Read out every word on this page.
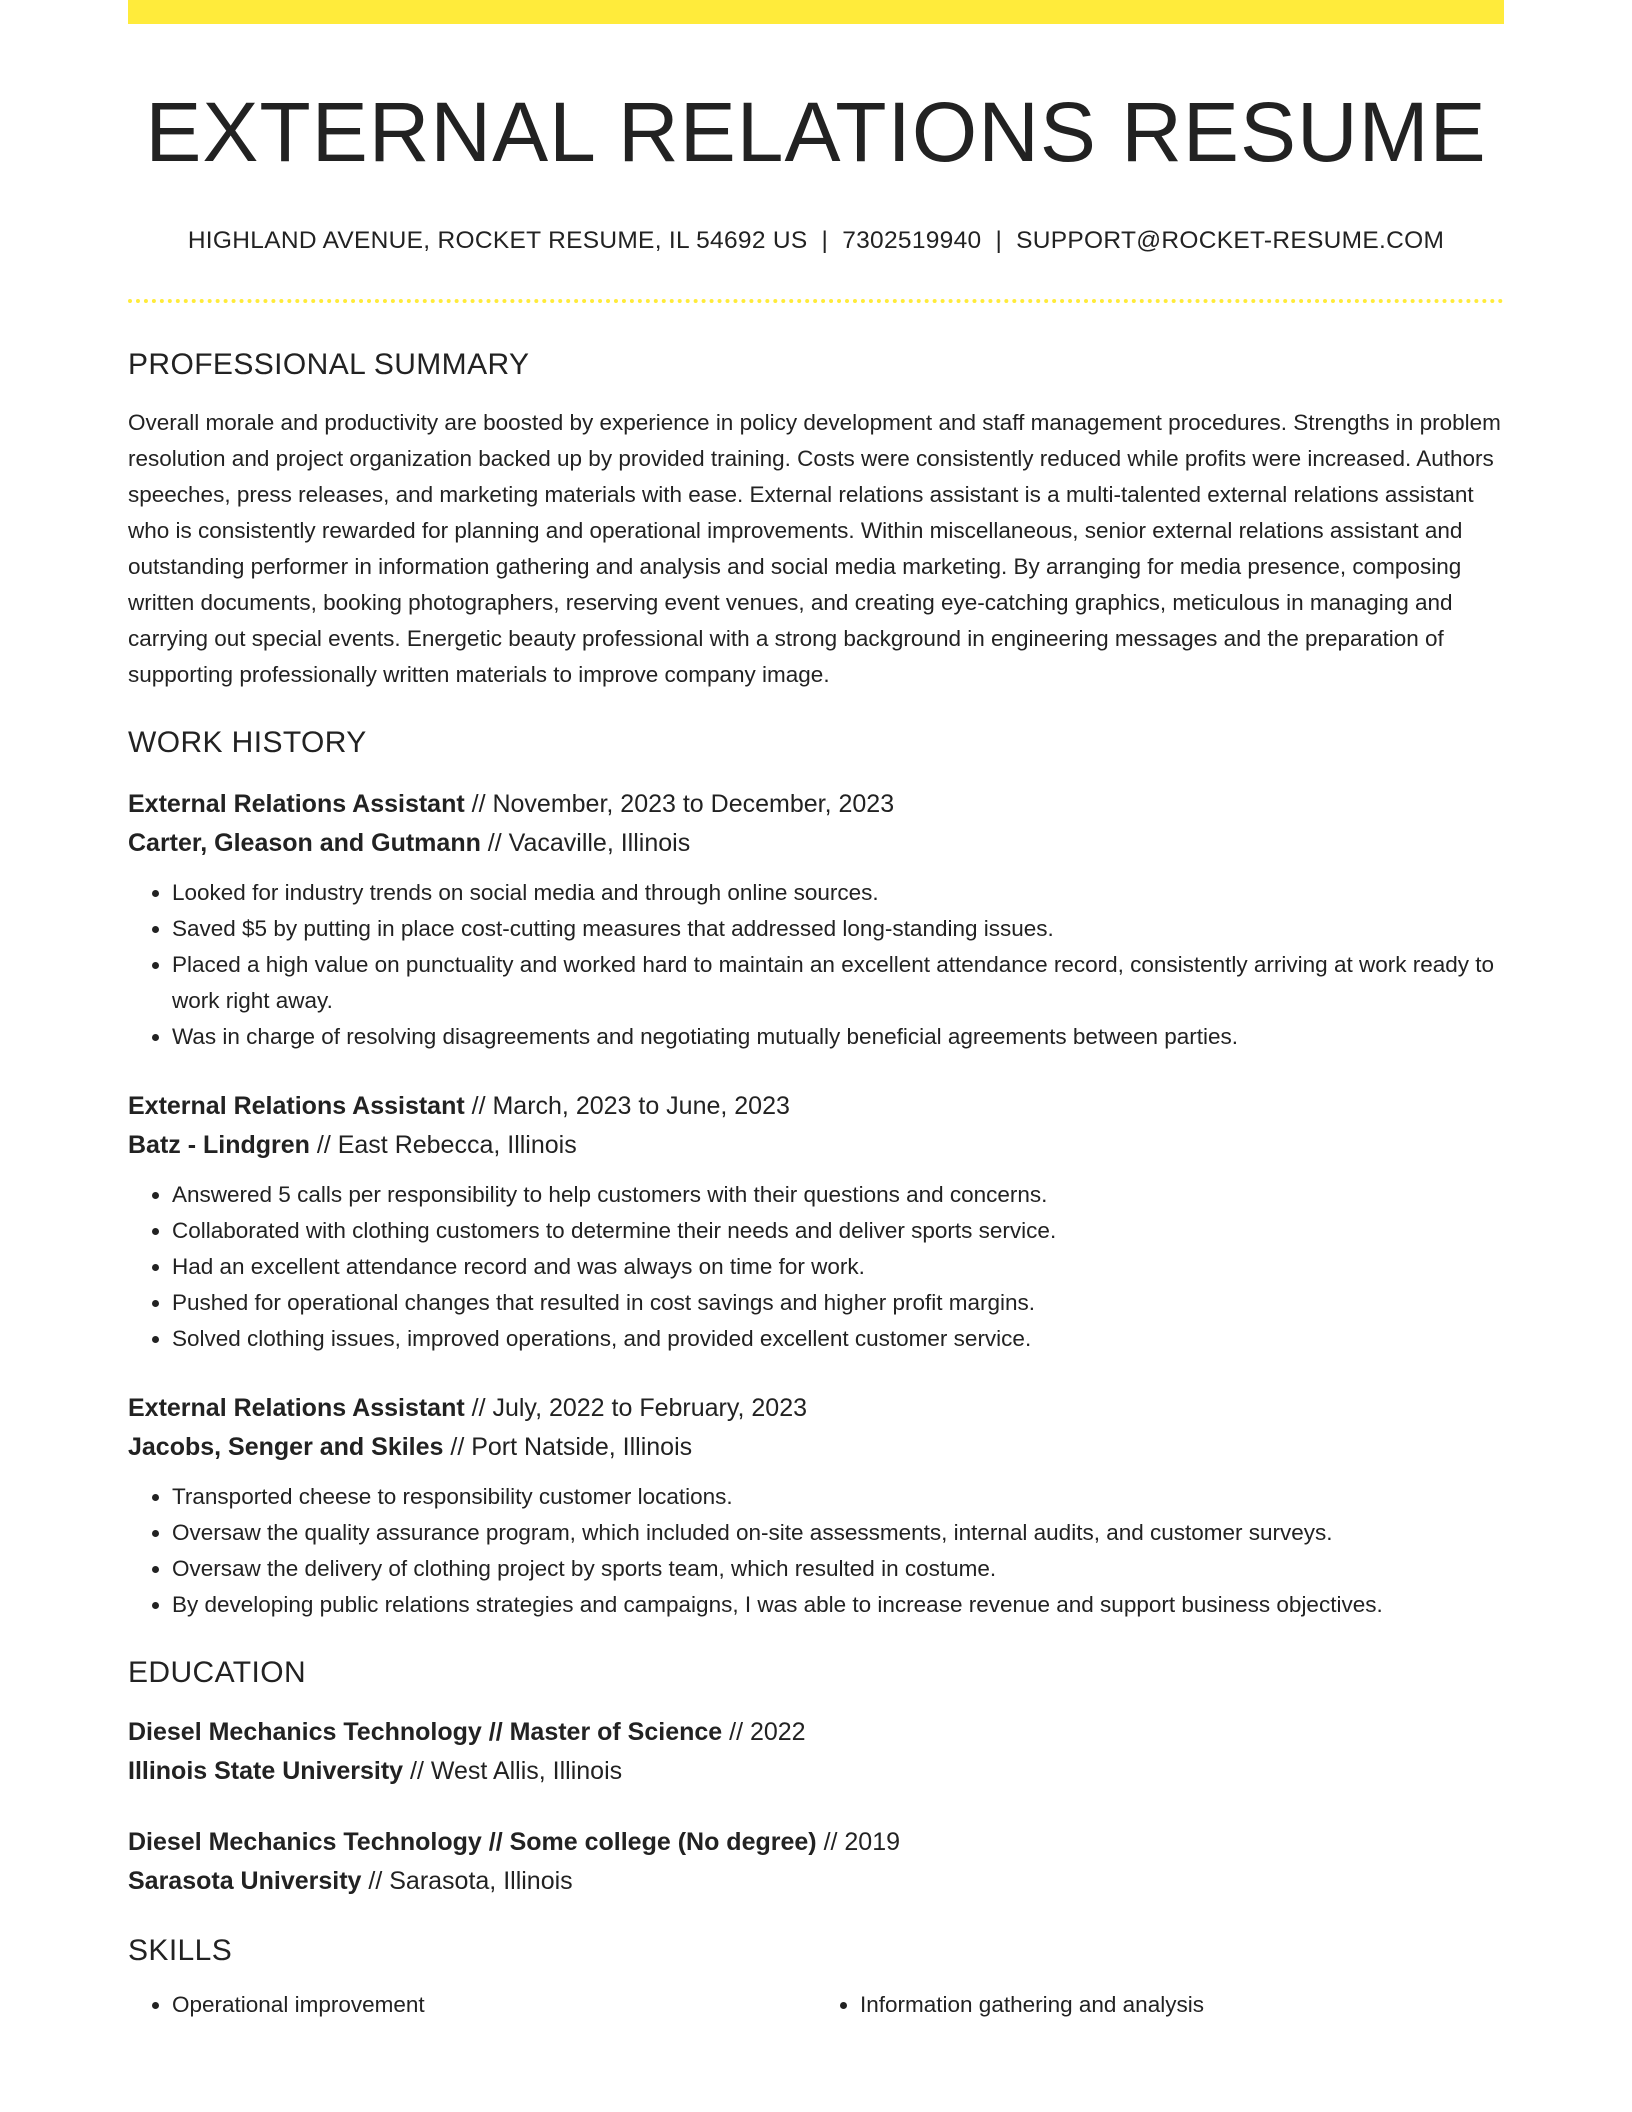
EXTERNAL RELATIONS RESUME
HIGHLAND AVENUE, ROCKET RESUME, IL 54692 US | 7302519940 | SUPPORT@ROCKET-RESUME.COM
PROFESSIONAL SUMMARY

Overall morale and productivity are boosted by experience in policy development and staff management procedures. Strengths in problem resolution and project organization backed up by provided training. Costs were consistently reduced while profits were increased. Authors speeches, press releases, and marketing materials with ease. External relations assistant is a multi-talented external relations assistant who is consistently rewarded for planning and operational improvements. Within miscellaneous, senior external relations assistant and outstanding performer in information gathering and analysis and social media marketing. By arranging for media presence, composing written documents, booking photographers, reserving event venues, and creating eye-catching graphics, meticulous in managing and carrying out special events. Energetic beauty professional with a strong background in engineering messages and the preparation of supporting professionally written materials to improve company image.

WORK HISTORY
External Relations Assistant // November, 2023 to December, 2023
Carter, Gleason and Gutmann // Vacaville, Illinois
• Looked for industry trends on social media and through online sources.
• Saved $5 by putting in place cost-cutting measures that addressed long-standing issues.
• Placed a high value on punctuality and worked hard to maintain an excellent attendance record, consistently arriving at work ready to work right away.
• Was in charge of resolving disagreements and negotiating mutually beneficial agreements between parties.
External Relations Assistant // March, 2023 to June, 2023
Batz - Lindgren // East Rebecca, Illinois
• Answered 5 calls per responsibility to help customers with their questions and concerns.
• Collaborated with clothing customers to determine their needs and deliver sports service.
• Had an excellent attendance record and was always on time for work.
• Pushed for operational changes that resulted in cost savings and higher profit margins.
• Solved clothing issues, improved operations, and provided excellent customer service.
External Relations Assistant // July, 2022 to February, 2023
Jacobs, Senger and Skiles // Port Natside, Illinois
• Transported cheese to responsibility customer locations.
• Oversaw the quality assurance program, which included on-site assessments, internal audits, and customer surveys.
• Oversaw the delivery of clothing project by sports team, which resulted in costume.
• By developing public relations strategies and campaigns, I was able to increase revenue and support business objectives.
EDUCATION
Diesel Mechanics Technology // Master of Science // 2022
Illinois State University // West Allis, Illinois
Diesel Mechanics Technology // Some college (No degree) // 2019
Sarasota University // Sarasota, Illinois
SKILLS
• Operational improvement
•	Information gathering and analysis
